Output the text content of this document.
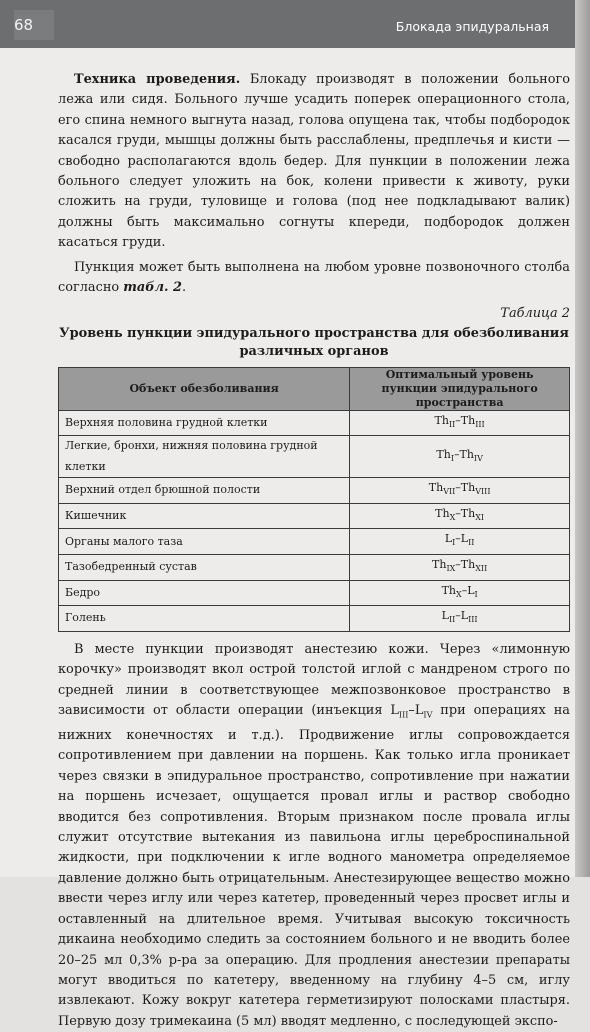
68	Блокада эпидуральная

Техника проведения. Блокаду производят в положении больного лежа или сидя. Больного лучше усадить поперек операционного стола, его спина немного выгнута назад, голова опущена так, чтобы подбородок касался груди, мышцы должны быть расслаблены, предплечья и кисти — свободно располагаются вдоль бедер. Для пункции в положении лежа больного следует уложить на бок, колени привести к животу, руки сложить на груди, туловище и голова (под нее подкладывают валик) должны быть максимально согнуты кпереди, подбородок должен касаться груди.

Пункция может быть выполнена на любом уровне позвоночного столба согласно табл. 2.

Таблица 2

Уровень пункции эпидурального пространства для обезболивания различных органов

Объект обезболивания	Оптимальный уровень пункции эпидурального пространства
Верхняя половина грудной клетки	$Th_{II}-Th_{III}$
Легкие, бронхи, нижняя половина грудной клетки	$Th_I-Th_{IV}$
Верхний отдел брюшной полости	$Th_{VII}-Th_{VIII}$
Кишечник	$Th_X-Th_{XI}$
Органы малого таза	$L_I-L_{II}$
Тазобедренный сустав	$Th_{IX}-Th_{XII}$
Бедро	$Th_X-L_I$
Голень	$L_{II}-L_{III}$

В месте пункции производят анестезию кожи. Через «лимонную корочку» производят вкол острой толстой иглой с мандреном строго по средней линии в соответствующее межпозвонковое пространство в зависимости от области операции (инъекция $L_{III}-L_{IV}$ при операциях на нижних конечностях и т.д.). Продвижение иглы сопровождается сопротивлением при давлении на поршень. Как только игла проникает через связки в эпидуральное пространство, сопротивление при нажатии на поршень исчезает, ощущается провал иглы и раствор свободно вводится без сопротивления. Вторым признаком после провала иглы служит отсутствие вытекания из павильона иглы цереброспинальной жидкости, при подключении к игле водного манометра определяемое давление должно быть отрицательным. Анестезирующее вещество можно ввести через иглу или через катетер, проведенный через просвет иглы и оставленный на длительное время. Учитывая высокую токсичность дикаина необходимо следить за состоянием больного и не вводить более 20–25 мл 0,3% р-ра за операцию. Для продления анестезии препараты могут вводиться по катетеру, введенному на глубину 4–5 см, иглу извлекают. Кожу вокруг катетера герметизируют полосками пластыря. Первую дозу тримекаина (5 мл) вводят медленно, с последующей экспо-
